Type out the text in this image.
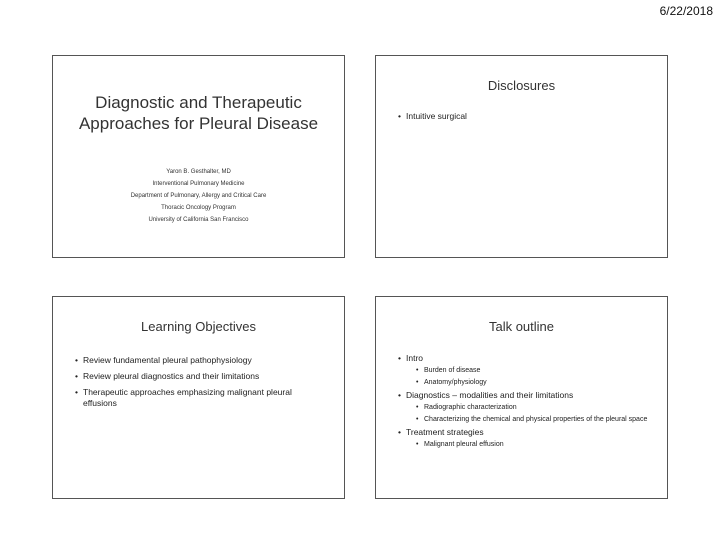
6/22/2018
Diagnostic and Therapeutic Approaches for Pleural Disease
Yaron B. Gesthalter, MD
Interventional Pulmonary Medicine
Department of Pulmonary, Allergy and Critical Care
Thoracic Oncology Program
University of California San Francisco
Disclosures
• Intuitive surgical
Learning Objectives
• Review fundamental pleural pathophysiology
• Review pleural diagnostics and their limitations
• Therapeutic approaches emphasizing malignant pleural effusions
Talk outline
• Intro
• Burden of disease
• Anatomy/physiology
• Diagnostics – modalities and their limitations
• Radiographic characterization
• Characterizing the chemical and physical properties of the pleural space
• Treatment strategies
• Malignant pleural effusion
